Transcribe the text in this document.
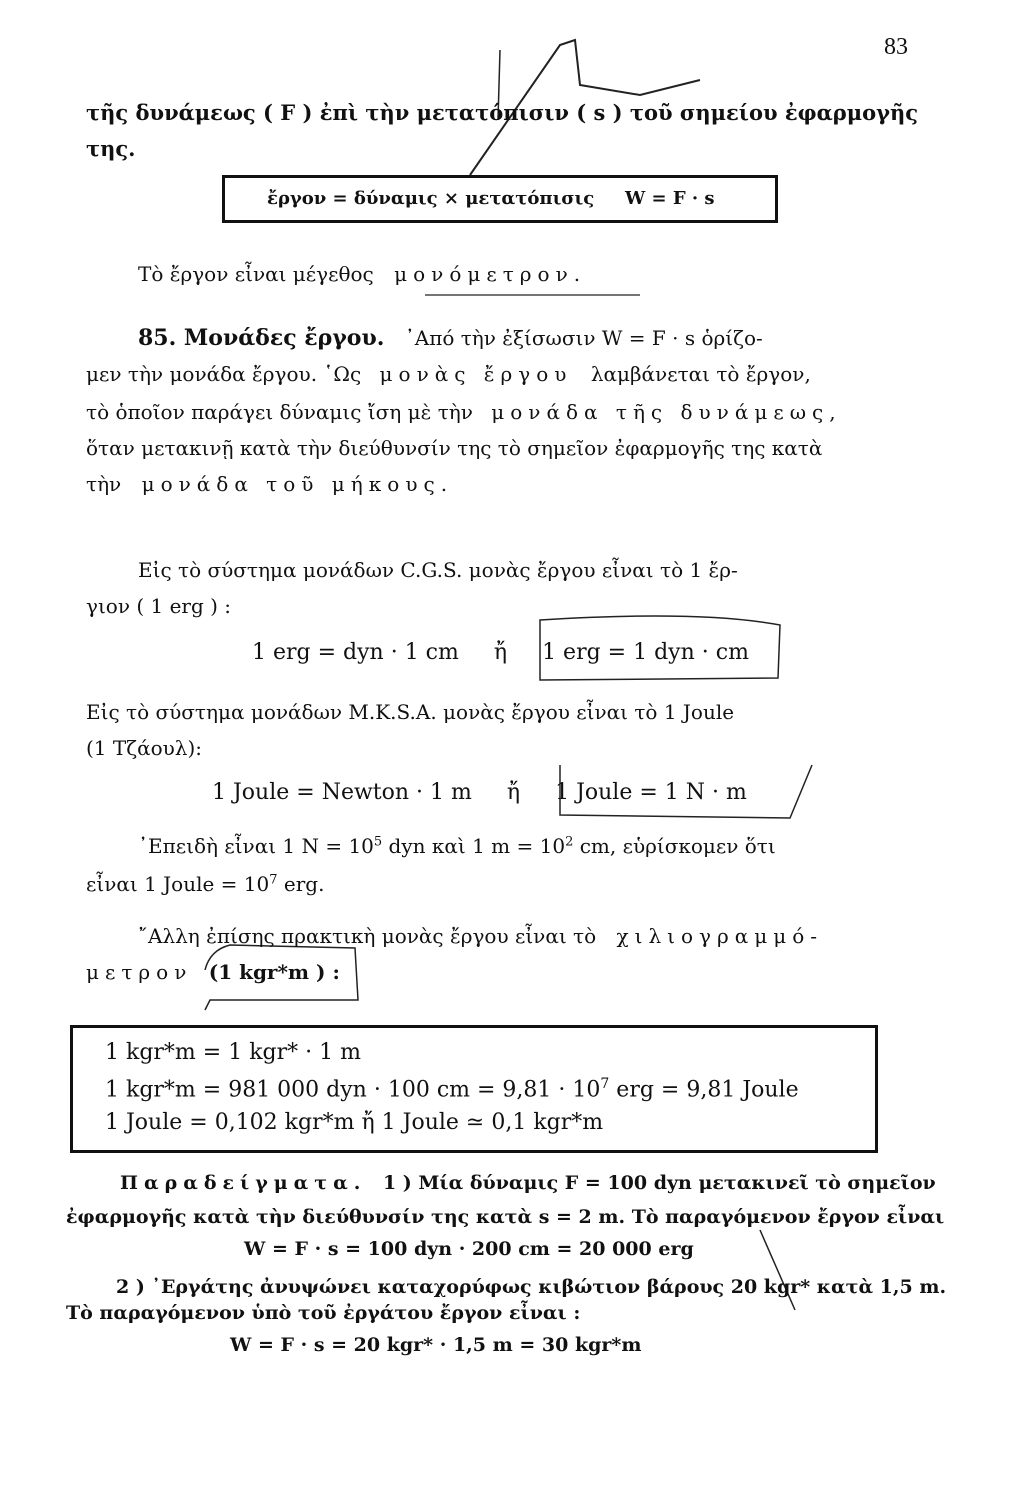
83
τῆς δυνάμεως ( F ) ἐπὶ τὴν μετατόπισιν ( s ) τοῦ σημείου ἐφαρμογῆς
της.
ἔργον = δύναμις × μετατόπισις W = F · s
Τὸ ἔργον εἶναι μέγεθος μονόμετρον.
85. Μονάδες ἔργου. ᾿Από τὴν ἐξίσωσιν W = F · s ὁρίζο-
μεν τὴν μονάδα ἔργου. ῾Ως μονὰς ἔργου λαμβάνεται τὸ ἔργον,
τὸ ὁποῖον παράγει δύναμις ἴση μὲ τὴν μονάδα τῆς δυνάμεως,
ὅταν μετακινῇ κατὰ τὴν διεύθυνσίν της τὸ σημεῖον ἐφαρμογῆς της κατὰ
τὴν μονάδα τοῦ μήκους.
Εἰς τὸ σύστημα μονάδων C.G.S. μονὰς ἔργου εἶναι τὸ 1 ἔρ-
γιον ( 1 erg ) :
1 erg = dyn · 1 cm ἤ 1 erg = 1 dyn · cm
Εἰς τὸ σύστημα μονάδων M.K.S.A. μονὰς ἔργου εἶναι τὸ 1 Joule
(1 Τζάουλ):
1 Joule = Newton · 1 m ἤ 1 Joule = 1 N · m
᾿Επειδὴ εἶναι 1 $N = 10^5$ dyn καὶ 1 $m = 10^2$ cm, εὑρίσκομεν ὅτι
εἶναι 1 Joule = $10^7$ erg.
῎Αλλη ἐπίσης πρακτικὴ μονὰς ἔργου εἶναι τὸ χιλιογραμμό-
μετρον (1 kgr*m ) :
1 kgr*m = 1 kgr* · 1 m
1 kgr*m = 981 000 dyn · 100 cm = $9,81 \cdot 10^7$ erg = 9,81 Joule
1 Joule = 0,102 kgr*m ἤ 1 Joule ≃ 0,1 kgr*m
Παραδείγματα. 1 ) Μία δύναμις F = 100 dyn μετακινεῖ τὸ σημεῖον
ἐφαρμογῆς κατὰ τὴν διεύθυνσίν της κατὰ s = 2 m. Τὸ παραγόμενον ἔργον εἶναι
W = F · s = 100 dyn · 200 cm = 20 000 erg
2 ) ᾿Εργάτης ἀνυψώνει καταχορύφως κιβώτιον βάρους 20 kgr* κατὰ 1,5 m.
Τὸ παραγόμενον ὑπὸ τοῦ ἐργάτου ἔργον εἶναι :
W = F · s = 20 kgr* · 1,5 m = 30 kgr*m
